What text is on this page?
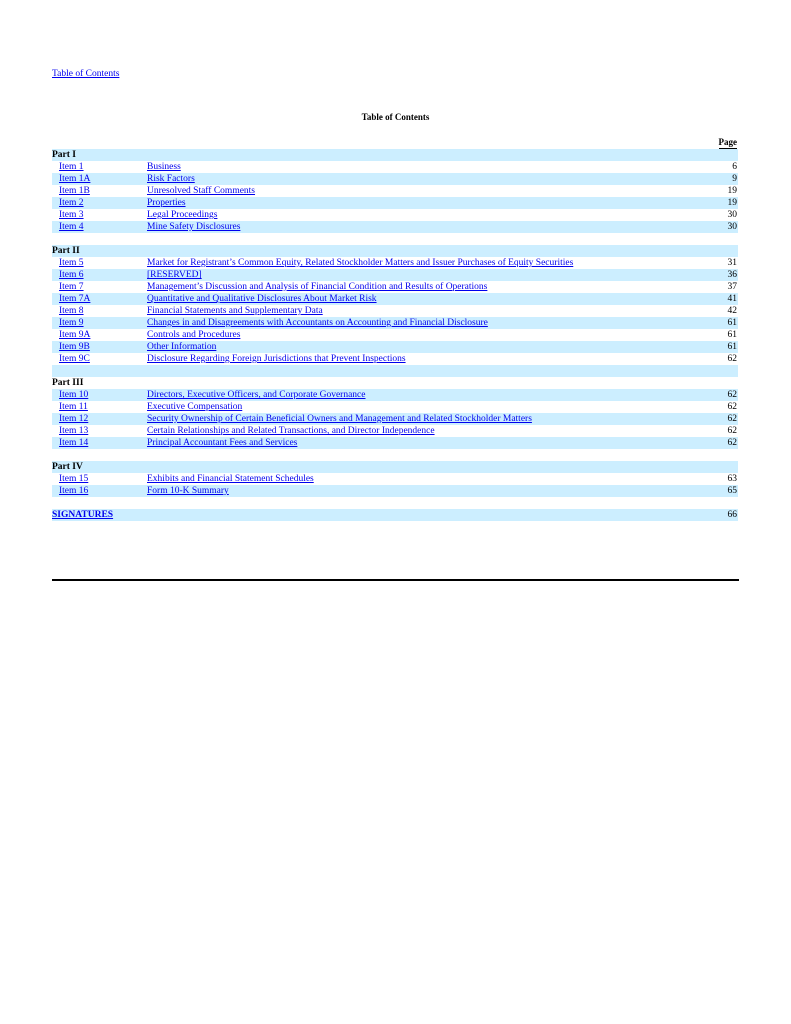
Table of Contents
Table of Contents
Page
Part I
Item 1	Business	6
Item 1A	Risk Factors	9
Item 1B	Unresolved Staff Comments	19
Item 2	Properties	19
Item 3	Legal Proceedings	30
Item 4	Mine Safety Disclosures	30
Part II
Item 5	Market for Registrant’s Common Equity, Related Stockholder Matters and Issuer Purchases of Equity Securities	31
Item 6	[RESERVED]	36
Item 7	Management’s Discussion and Analysis of Financial Condition and Results of Operations	37
Item 7A	Quantitative and Qualitative Disclosures About Market Risk	41
Item 8	Financial Statements and Supplementary Data	42
Item 9	Changes in and Disagreements with Accountants on Accounting and Financial Disclosure	61
Item 9A	Controls and Procedures	61
Item 9B	Other Information	61
Item 9C	Disclosure Regarding Foreign Jurisdictions that Prevent Inspections	62
Part III
Item 10	Directors, Executive Officers, and Corporate Governance	62
Item 11	Executive Compensation	62
Item 12	Security Ownership of Certain Beneficial Owners and Management and Related Stockholder Matters	62
Item 13	Certain Relationships and Related Transactions, and Director Independence	62
Item 14	Principal Accountant Fees and Services	62
Part IV
Item 15	Exhibits and Financial Statement Schedules	63
Item 16	Form 10-K Summary	65
SIGNATURES	66
